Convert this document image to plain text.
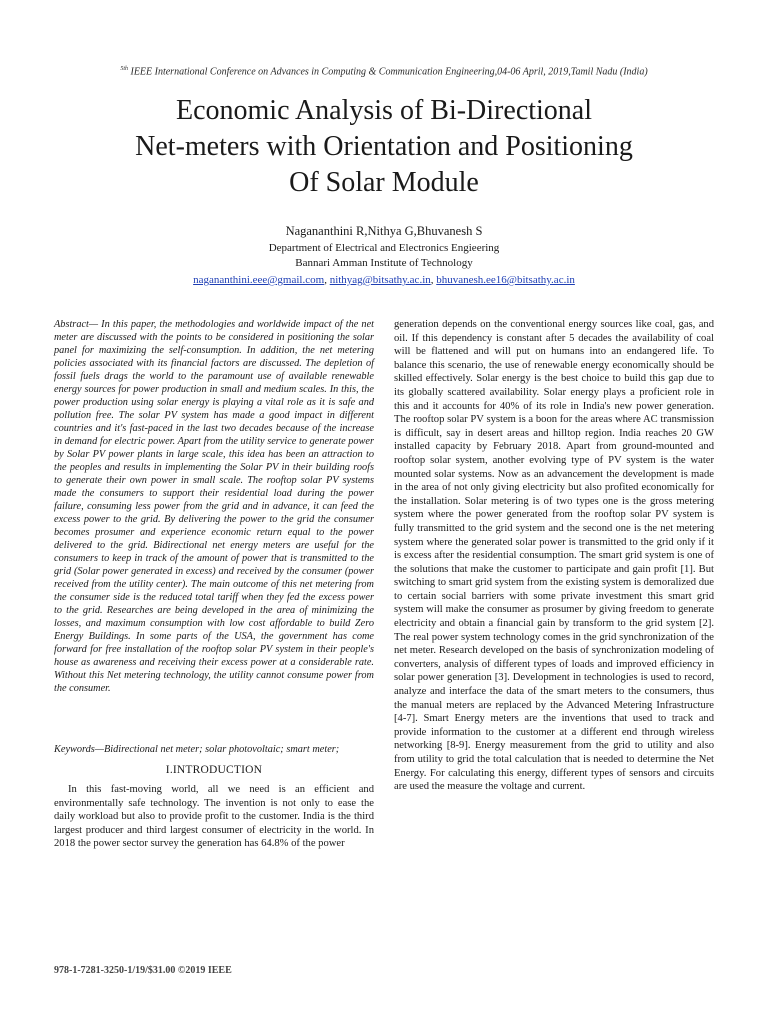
$^{5th}$ IEEE International Conference on Advances in Computing & Communication Engineering,04-06 April, 2019,Tamil Nadu (India)
Economic Analysis of Bi-Directional
Net-meters with Orientation and Positioning
Of Solar Module
Nagananthini R,Nithya G,Bhuvanesh S
Department of Electrical and Electronics Engieering
Bannari Amman Institute of Technology
nagananthini.eee@gmail.com, nithyag@bitsathy.ac.in, bhuvanesh.ee16@bitsathy.ac.in

Abstract— In this paper, the methodologies and worldwide impact of the net meter are discussed with the points to be considered in positioning the solar panel for maximizing the self-consumption. In addition, the net metering policies associated with its financial factors are discussed. The depletion of fossil fuels drags the world to the paramount use of available renewable energy sources for power production in small and medium scales. In this, the power production using solar energy is playing a vital role as it is safe and pollution free. The solar PV system has made a good impact in different countries and it's fast-paced in the last two decades because of the increase in demand for electric power. Apart from the utility service to generate power by Solar PV power plants in large scale, this idea has been an attraction to the peoples and results in implementing the Solar PV in their building roofs to generate their own power in small scale. The rooftop solar PV systems made the consumers to support their residential load during the power failure, consuming less power from the grid and in advance, it can feed the excess power to the grid. By delivering the power to the grid the consumer becomes prosumer and experience economic return equal to the power delivered to the grid. Bidirectional net energy meters are useful for the consumers to keep in track of the amount of power that is transmitted to the grid (Solar power generated in excess) and received by the consumer (power received from the utility center). The main outcome of this net metering from the consumer side is the reduced total tariff when they fed the excess power to the grid. Researches are being developed in the area of minimizing the losses, and maximum consumption with low cost affordable to build Zero Energy Buildings. In some parts of the USA, the government has come forward for free installation of the rooftop solar PV system in their people's house as awareness and receiving their excess power at a considerable rate. Without this Net metering technology, the utility cannot consume power from the consumer.

Keywords—Bidirectional net meter; solar photovoltaic; smart meter;

I.INTRODUCTION

In this fast-moving world, all we need is an efficient and environmentally safe technology. The invention is not only to ease the daily workload but also to provide profit to the customer. India is the third largest producer and third largest consumer of electricity in the world. In 2018 the power sector survey the generation has 64.8% of the power

generation depends on the conventional energy sources like coal, gas, and oil. If this dependency is constant after 5 decades the availability of coal will be flattened and will put on humans into an endangered life. To balance this scenario, the use of renewable energy economically should be skilled effectively. Solar energy is the best choice to build this gap due to its globally scattered availability. Solar energy plays a proficient role in this and it accounts for 40% of its role in India's new power generation. The rooftop solar PV system is a boon for the areas where AC transmission is difficult, say in desert areas and hilltop region. India reaches 20 GW installed capacity by February 2018. Apart from ground-mounted and rooftop solar system, another evolving type of PV system is the water mounted solar systems. Now as an advancement the development is made in the area of not only giving electricity but also profited economically for the installation. Solar metering is of two types one is the gross metering system where the power generated from the rooftop solar PV system is fully transmitted to the grid system and the second one is the net metering system where the generated solar power is transmitted to the grid only if it is excess after the residential consumption. The smart grid system is one of the solutions that make the customer to participate and gain profit [1]. But switching to smart grid system from the existing system is demoralized due to certain social barriers with some private investment this smart grid system will make the consumer as prosumer by giving freedom to generate electricity and obtain a financial gain by transform to the grid system [2]. The real power system technology comes in the grid synchronization of the net meter. Research developed on the basis of synchronization modeling of converters, analysis of different types of loads and improved efficiency in solar power generation [3]. Development in technologies is used to record, analyze and interface the data of the smart meters to the consumers, thus the manual meters are replaced by the Advanced Metering Infrastructure [4-7]. Smart Energy meters are the inventions that used to track and provide information to the customer at a different end through wireless networking [8-9]. Energy measurement from the grid to utility and also from utility to grid the total calculation that is needed to determine the Net Energy. For calculating this energy, different types of sensors and circuits are used the measure the voltage and current.

978-1-7281-3250-1/19/$31.00 ©2019 IEEE
